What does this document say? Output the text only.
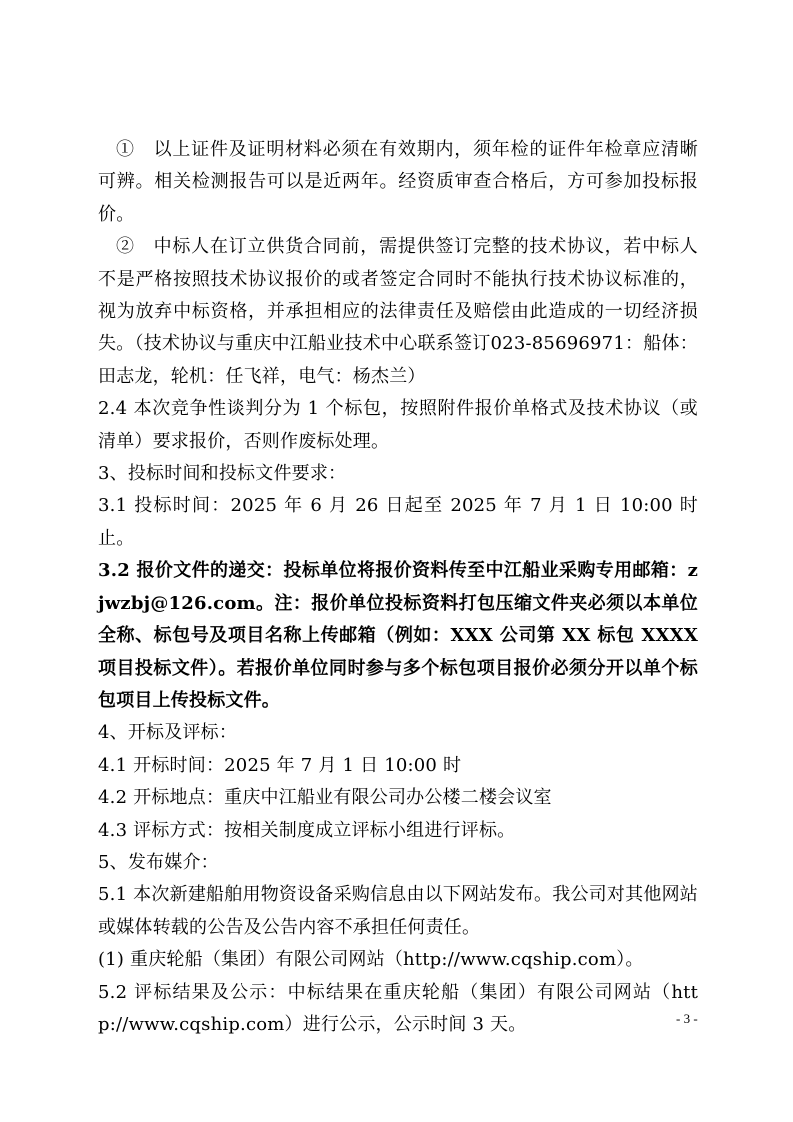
①　以上证件及证明材料必须在有效期内，须年检的证件年检章应清晰可辨。相关检测报告可以是近两年。经资质审查合格后，方可参加投标报价。

②　中标人在订立供货合同前，需提供签订完整的技术协议，若中标人不是严格按照技术协议报价的或者签定合同时不能执行技术协议标准的，视为放弃中标资格，并承担相应的法律责任及赔偿由此造成的一切经济损失。（技术协议与重庆中江船业技术中心联系签订023-85696971：船体：田志龙，轮机：任飞祥，电气：杨杰兰）

2.4 本次竞争性谈判分为 1 个标包，按照附件报价单格式及技术协议（或清单）要求报价，否则作废标处理。

3、投标时间和投标文件要求：

3.1 投标时间：2025 年 6 月 26 日起至 2025 年 7 月 1 日 10:00 时止。

3.2 报价文件的递交：投标单位将报价资料传至中江船业采购专用邮箱：zjwzbj@126.com。注：报价单位投标资料打包压缩文件夹必须以本单位全称、标包号及项目名称上传邮箱（例如：XXX 公司第 XX 标包 XXXX 项目投标文件）。若报价单位同时参与多个标包项目报价必须分开以单个标包项目上传投标文件。

4、开标及评标：

4.1 开标时间：2025 年 7 月 1 日 10:00 时

4.2 开标地点：重庆中江船业有限公司办公楼二楼会议室

4.3 评标方式：按相关制度成立评标小组进行评标。

5、发布媒介：

5.1 本次新建船舶用物资设备采购信息由以下网站发布。我公司对其他网站或媒体转载的公告及公告内容不承担任何责任。

(1) 重庆轮船（集团）有限公司网站（http://www.cqship.com）。

5.2 评标结果及公示：中标结果在重庆轮船（集团）有限公司网站（http://www.cqship.com）进行公示，公示时间 3 天。	- 3 -
